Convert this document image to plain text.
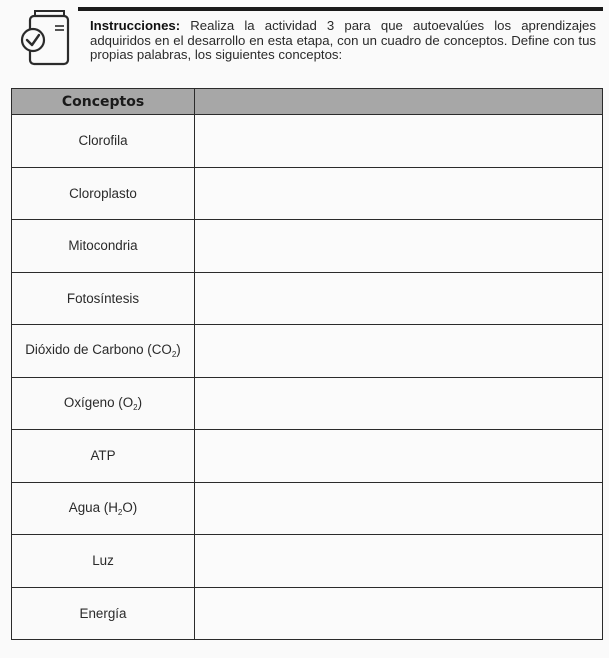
Instrucciones: Realiza la actividad 3 para que autoevalúes los aprendizajes adquiridos en el desarrollo en esta etapa, con un cuadro de conceptos. Define con tus propias palabras, los siguientes conceptos:
Conceptos	
Clorofila	
Cloroplasto	
Mitocondria	
Fotosíntesis	
Dióxido de Carbono $(CO_2)$	
Oxígeno $(O_2)$	
ATP	
Agua $(H_2O)$	
Luz	
Energía	
